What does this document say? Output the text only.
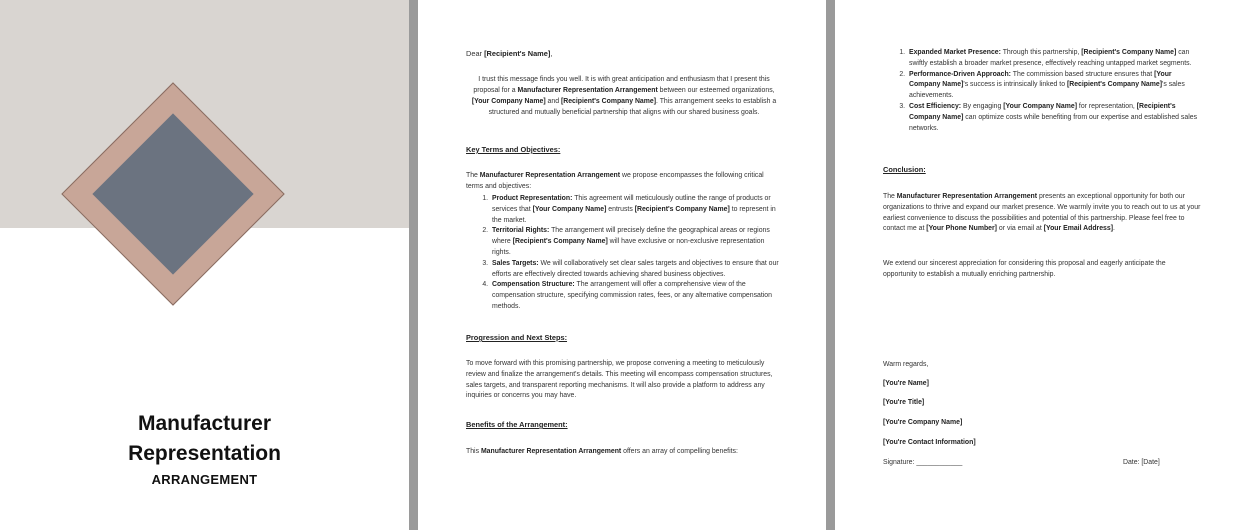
Manufacturer
Representation
ARRANGEMENT
Dear [Recipient's Name],
I trust this message finds you well. It is with great anticipation and enthusiasm that I present this proposal for a Manufacturer Representation Arrangement between our esteemed organizations, [Your Company Name] and [Recipient's Company Name]. This arrangement seeks to establish a structured and mutually beneficial partnership that aligns with our shared business goals.
Key Terms and Objectives:
The Manufacturer Representation Arrangement we propose encompasses the following critical terms and objectives:
1. Product Representation: This agreement will meticulously outline the range of products or services that [Your Company Name] entrusts [Recipient's Company Name] to represent in the market.
2. Territorial Rights: The arrangement will precisely define the geographical areas or regions where [Recipient's Company Name] will have exclusive or non-exclusive representation rights.
3. Sales Targets: We will collaboratively set clear sales targets and objectives to ensure that our efforts are effectively directed towards achieving shared business objectives.
4. Compensation Structure: The arrangement will offer a comprehensive view of the compensation structure, specifying commission rates, fees, or any alternative compensation methods.
Progression and Next Steps:
To move forward with this promising partnership, we propose convening a meeting to meticulously review and finalize the arrangement's details. This meeting will encompass compensation structures, sales targets, and transparent reporting mechanisms. It will also provide a platform to address any inquiries or concerns you may have.
Benefits of the Arrangement:
This Manufacturer Representation Arrangement offers an array of compelling benefits:
1. Expanded Market Presence: Through this partnership, [Recipient's Company Name] can swiftly establish a broader market presence, effectively reaching untapped market segments.
2. Performance-Driven Approach: The commission based structure ensures that [Your Company Name]'s success is intrinsically linked to [Recipient's Company Name]'s sales achievements.
3. Cost Efficiency: By engaging [Your Company Name] for representation, [Recipient's Company Name] can optimize costs while benefiting from our expertise and established sales networks.
Conclusion:
The Manufacturer Representation Arrangement presents an exceptional opportunity for both our organizations to thrive and expand our market presence. We warmly invite you to reach out to us at your earliest convenience to discuss the possibilities and potential of this partnership. Please feel free to contact me at [Your Phone Number] or via email at [Your Email Address].
We extend our sincerest appreciation for considering this proposal and eagerly anticipate the opportunity to establish a mutually enriching partnership.
Warm regards,
[You're Name]
[You're Title]
[You're Company Name]
[You're Contact Information]
Signature: ____________	Date: [Date]
